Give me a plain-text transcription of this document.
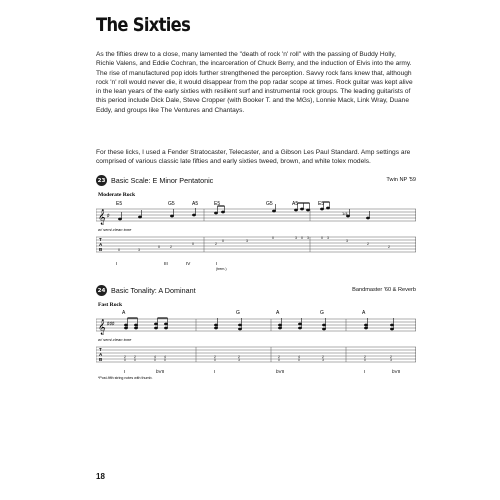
The Sixties

As the fifties drew to a close, many lamented the "death of rock 'n' roll" with the passing of Buddy Holly, Richie Valens, and Eddie Cochran, the incarceration of Chuck Berry, and the induction of Elvis into the army. The rise of manufactured pop idols further strengthened the perception. Savvy rock fans knew that, although rock 'n' roll would never die, it would disappear from the pop radar scope at times. Rock guitar was kept alive in the lean years of the early sixties with resilient surf and instrumental rock groups. The leading guitarists of this period include Dick Dale, Steve Cropper (with Booker T. and the MGs), Lonnie Mack, Link Wray, Duane Eddy, and groups like The Ventures and Chantays.

For these licks, I used a Fender Stratocaster, Telecaster, and a Gibson Les Paul Standard. Amp settings are comprised of various classic late fifties and early sixties tweed, brown, and white tolex models.

23 Basic Scale: E Minor Pentatonic	Twin NP '59
Moderate Rock
E5	G5	A5	E5	G5	A5	E5
𝄞 ♯	1/4
w/ semi-clean tone
T
A
B	0	3
0	2
0	2
0	3
0	3 0 3	0 3
3
2
2
I	III	IV	I
(trem.)
24 Basic Tonality: A Dominant	Bandmaster '60 & Reverb
Fast Rock
A	G	A	G	A
𝄞 ♯♯♯
w/ semi-clean tone
T
A
B	2
0
2
0
4
0
4
0
2
0
2
3
2
0
4
0
2
3
2
0
2
3
I	bVII	I	bVII	I	bVII
*Post-fifth string notes with thumb.
18
